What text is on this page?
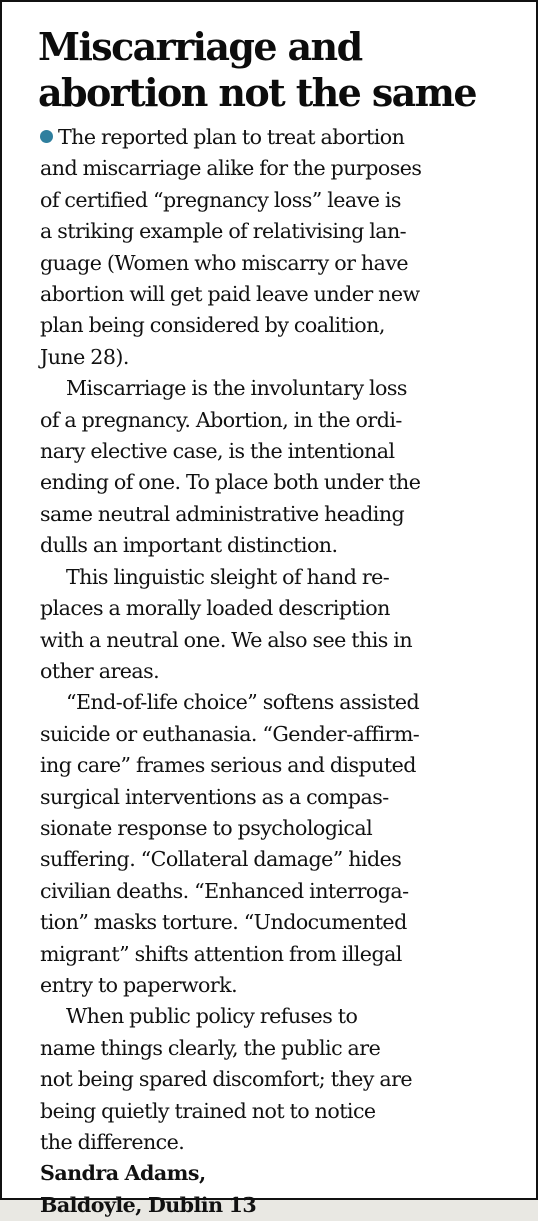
Miscarriage and
abortion not the same

The reported plan to treat abortion
and miscarriage alike for the purposes
of certified “pregnancy loss” leave is
a striking example of relativising lan-
guage (Women who miscarry or have
abortion will get paid leave under new
plan being considered by coalition,
June 28).

Miscarriage is the involuntary loss
of a pregnancy. Abortion, in the ordi-
nary elective case, is the intentional
ending of one. To place both under the
same neutral administrative heading
dulls an important distinction.

This linguistic sleight of hand re-
places a morally loaded description
with a neutral one. We also see this in
other areas.

“End-of-life choice” softens assisted
suicide or euthanasia. “Gender-affirm-
ing care” frames serious and disputed
surgical interventions as a compas-
sionate response to psychological
suffering. “Collateral damage” hides
civilian deaths. “Enhanced interroga-
tion” masks torture. “Undocumented
migrant” shifts attention from illegal
entry to paperwork.

When public policy refuses to
name things clearly, the public are
not being spared discomfort; they are
being quietly trained not to notice
the difference.

Sandra Adams,
Baldoyle, Dublin 13
